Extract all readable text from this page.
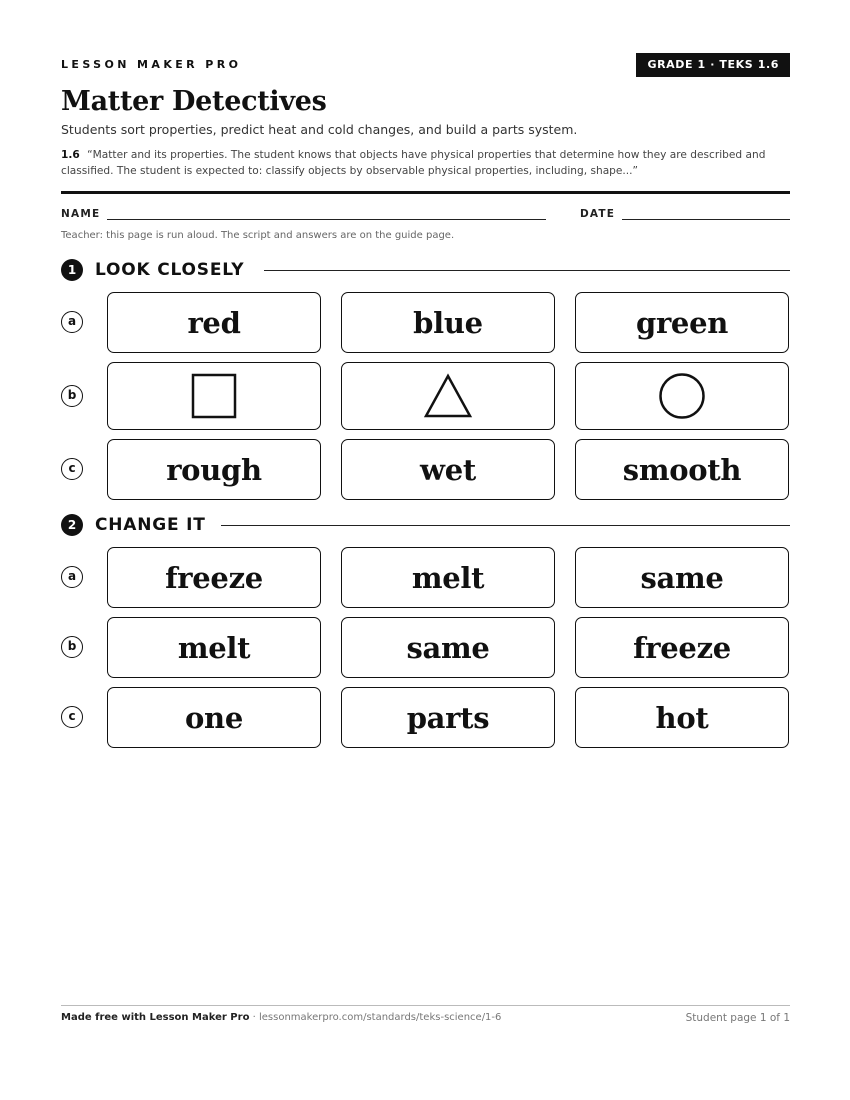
LESSON MAKER PRO	GRADE 1 · TEKS 1.6
Matter Detectives
Students sort properties, predict heat and cold changes, and build a parts system.
1.6 “Matter and its properties. The student knows that objects have physical properties that determine how they are described and classified. The student is expected to: classify objects by observable physical properties, including, shape...”
NAME	DATE
Teacher: this page is run aloud. The script and answers are on the guide page.
1	LOOK CLOSELY
a	red	blue	green
b
c	rough	wet	smooth
2	CHANGE IT
a	freeze	melt	same
b	melt	same	freeze
c	one	parts	hot
Made free with Lesson Maker Pro · lessonmakerpro.com/standards/teks-science/1-6	Student page 1 of 1
